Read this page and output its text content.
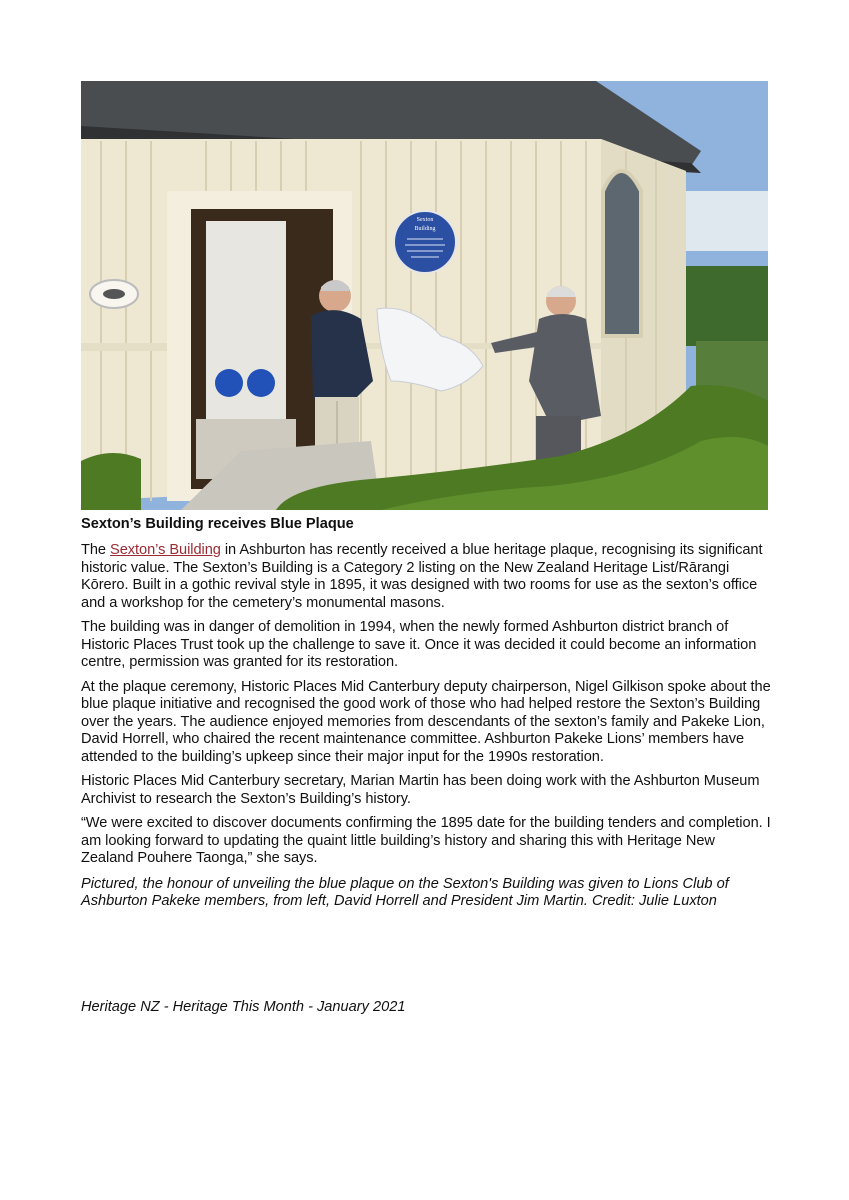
Sexton
Building
Sexton’s Building receives Blue Plaque

The Sexton’s Building in Ashburton has recently received a blue heritage plaque, recognising its significant historic value. The Sexton’s Building is a Category 2 listing on the New Zealand Heritage List/Rārangi Kōrero. Built in a gothic revival style in 1895, it was designed with two rooms for use as the sexton’s office and a workshop for the cemetery’s monumental masons.

The building was in danger of demolition in 1994, when the newly formed Ashburton district branch of Historic Places Trust took up the challenge to save it. Once it was decided it could become an information centre, permission was granted for its restoration.

At the plaque ceremony, Historic Places Mid Canterbury deputy chairperson, Nigel Gilkison spoke about the blue plaque initiative and recognised the good work of those who had helped restore the Sexton’s Building over the years. The audience enjoyed memories from descendants of the sexton’s family and Pakeke Lion, David Horrell, who chaired the recent maintenance committee. Ashburton Pakeke Lions’ members have attended to the building’s upkeep since their major input for the 1990s restoration.

Historic Places Mid Canterbury secretary, Marian Martin has been doing work with the Ashburton Museum Archivist to research the Sexton’s Building’s history.

“We were excited to discover documents confirming the 1895 date for the building tenders and completion. I am looking forward to updating the quaint little building’s history and sharing this with Heritage New Zealand Pouhere Taonga,” she says.

Pictured, the honour of unveiling the blue plaque on the Sexton's Building was given to Lions Club of Ashburton Pakeke members, from left, David Horrell and President Jim Martin. Credit: Julie Luxton

Heritage NZ - Heritage This Month - January 2021
